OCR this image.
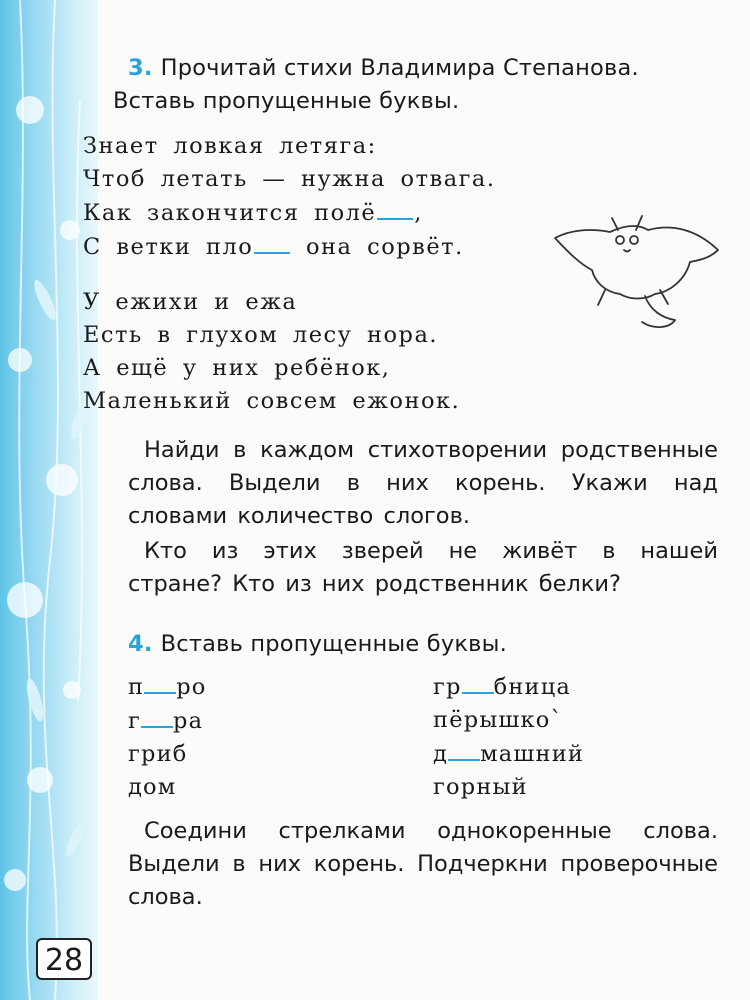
3. Прочитай стихи Владимира Степанова.
Вставь пропущенные буквы.
Знает ловкая летяга:
Чтоб летать — нужна отвага.
Как закончится полё ,
С ветки пло она сорвёт.
У ежихи и ежа
Есть в глухом лесу нора.
А ещё у них ребёнок,
Маленький совсем ежонок.

Найди в каждом стихотворении родственные слова. Выдели в них корень. Укажи над словами количество слогов.

Кто из этих зверей не живёт в нашей стране? Кто из них родственник белки?

4. Вставь пропущенные буквы.
п ро
г ра
гриб
дом
гр бница
пёрышко`
д машний
горный

Соедини стрелками однокоренные слова. Выдели в них корень. Подчеркни проверочные слова.

28
